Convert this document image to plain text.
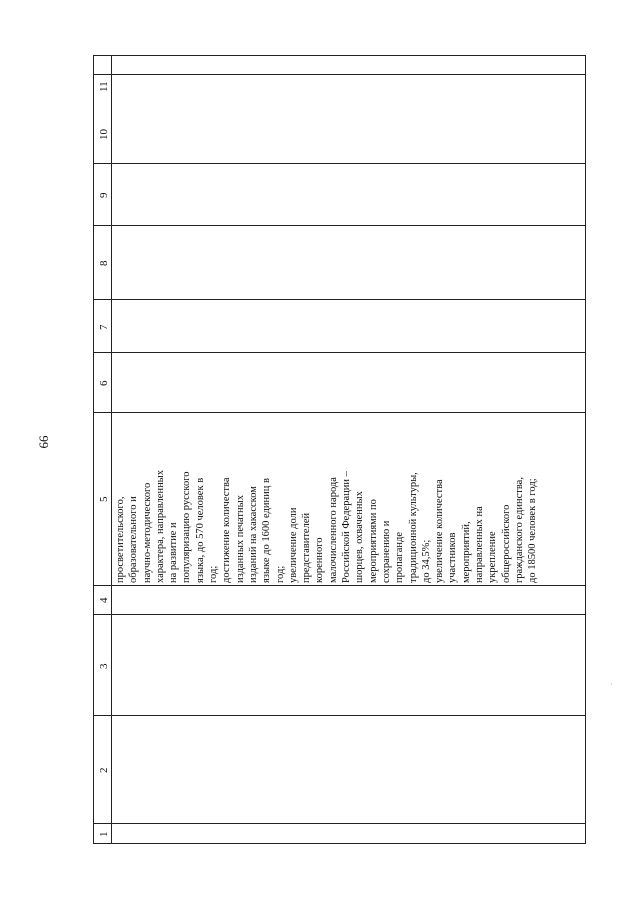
66
11
10
9
8
7
6
5
4
3
2
1

просветительского, образовательного и научно-методического характера, направленных на развитие и популяризацию русского языка, до 570 человек в год; достижение количества изданных печатных изданий на хакасском языке до 1600 единиц в год; увеличение доли представителей коренного малочисленного народа Российской Федерации – шорцев, охваченных мероприятиями по сохранению и пропаганде традиционной культуры, до 34,5%; увеличение количества участников мероприятий, направленных на укрепление общероссийского гражданского единства, до 18500 человек в год;

·
